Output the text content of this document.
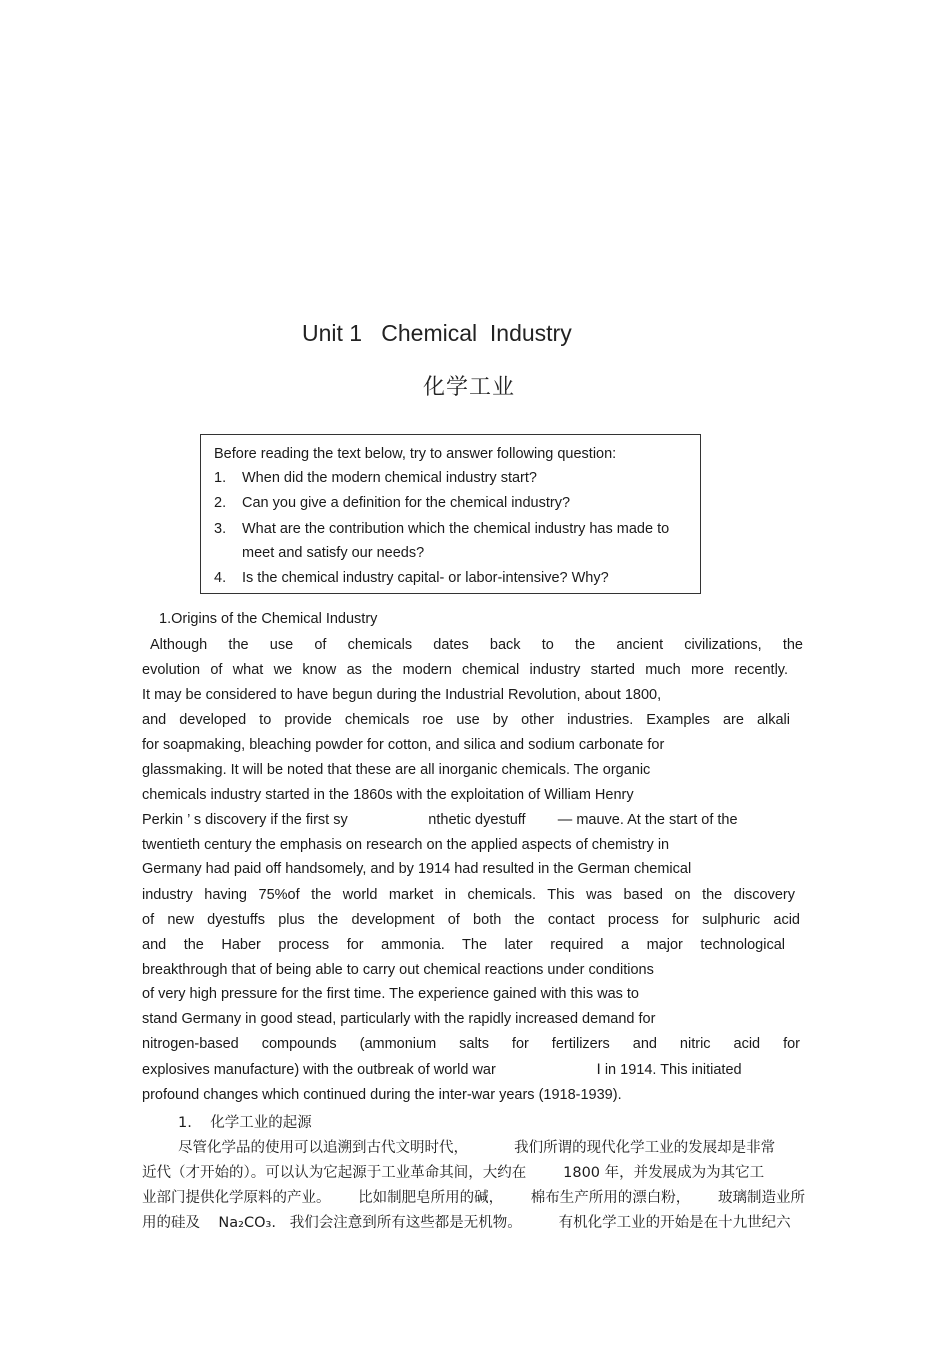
Unit 1   Chemical  Industry
化学工业
Before reading the text below, try to answer following question:
1. When did the modern chemical industry start?
2. Can you give a definition for the chemical industry?
3. What are the contribution which the chemical industry has made to
meet and satisfy our needs?
4. Is the chemical industry capital- or labor-intensive? Why?
1.Origins of the Chemical Industry
Although the use of chemicals dates back to the ancient civilizations, the
evolution of what we know as the modern chemical industry started much more recently.
It may be considered to have begun during the Industrial Revolution, about 1800,
and developed to provide chemicals roe use by other industries. Examples are alkali
for soapmaking, bleaching powder for cotton, and silica and sodium carbonate for
glassmaking. It will be noted that these are all inorganic chemicals. The organic
chemicals industry started in the 1860s with the exploitation of William Henry
Perkin ’ s discovery if the first sy                    nthetic dyestuff        — mauve. At the start of the
twentieth century the emphasis on research on the applied aspects of chemistry in
Germany had paid off handsomely, and by 1914 had resulted in the German chemical
industry having 75%of the world market in chemicals. This was based on the discovery
of new dyestuffs plus the development of both the contact process for sulphuric acid
and the Haber process for ammonia. The later required a major technological
breakthrough that of being able to carry out chemical reactions under conditions
of very high pressure for the first time. The experience gained with this was to
stand Germany in good stead, particularly with the rapidly increased demand for
nitrogen-based compounds (ammonium salts for fertilizers and nitric acid for
explosives manufacture) with the outbreak of world war                         Ⅰ in 1914. This initiated
profound changes which continued during the inter-war years (1918-1939).
1.    化学工业的起源
尽管化学品的使用可以追溯到古代文明时代，          我们所谓的现代化学工业的发展却是非常
近代（才开始的）。可以认为它起源于工业革命其间，大约在        1800 年，并发展成为为其它工
业部门提供化学原料的产业。      比如制肥皂所用的碱，      棉布生产所用的漂白粉，      玻璃制造业所
用的硅及    Na₂CO₃.   我们会注意到所有这些都是无机物。        有机化学工业的开始是在十九世纪六
